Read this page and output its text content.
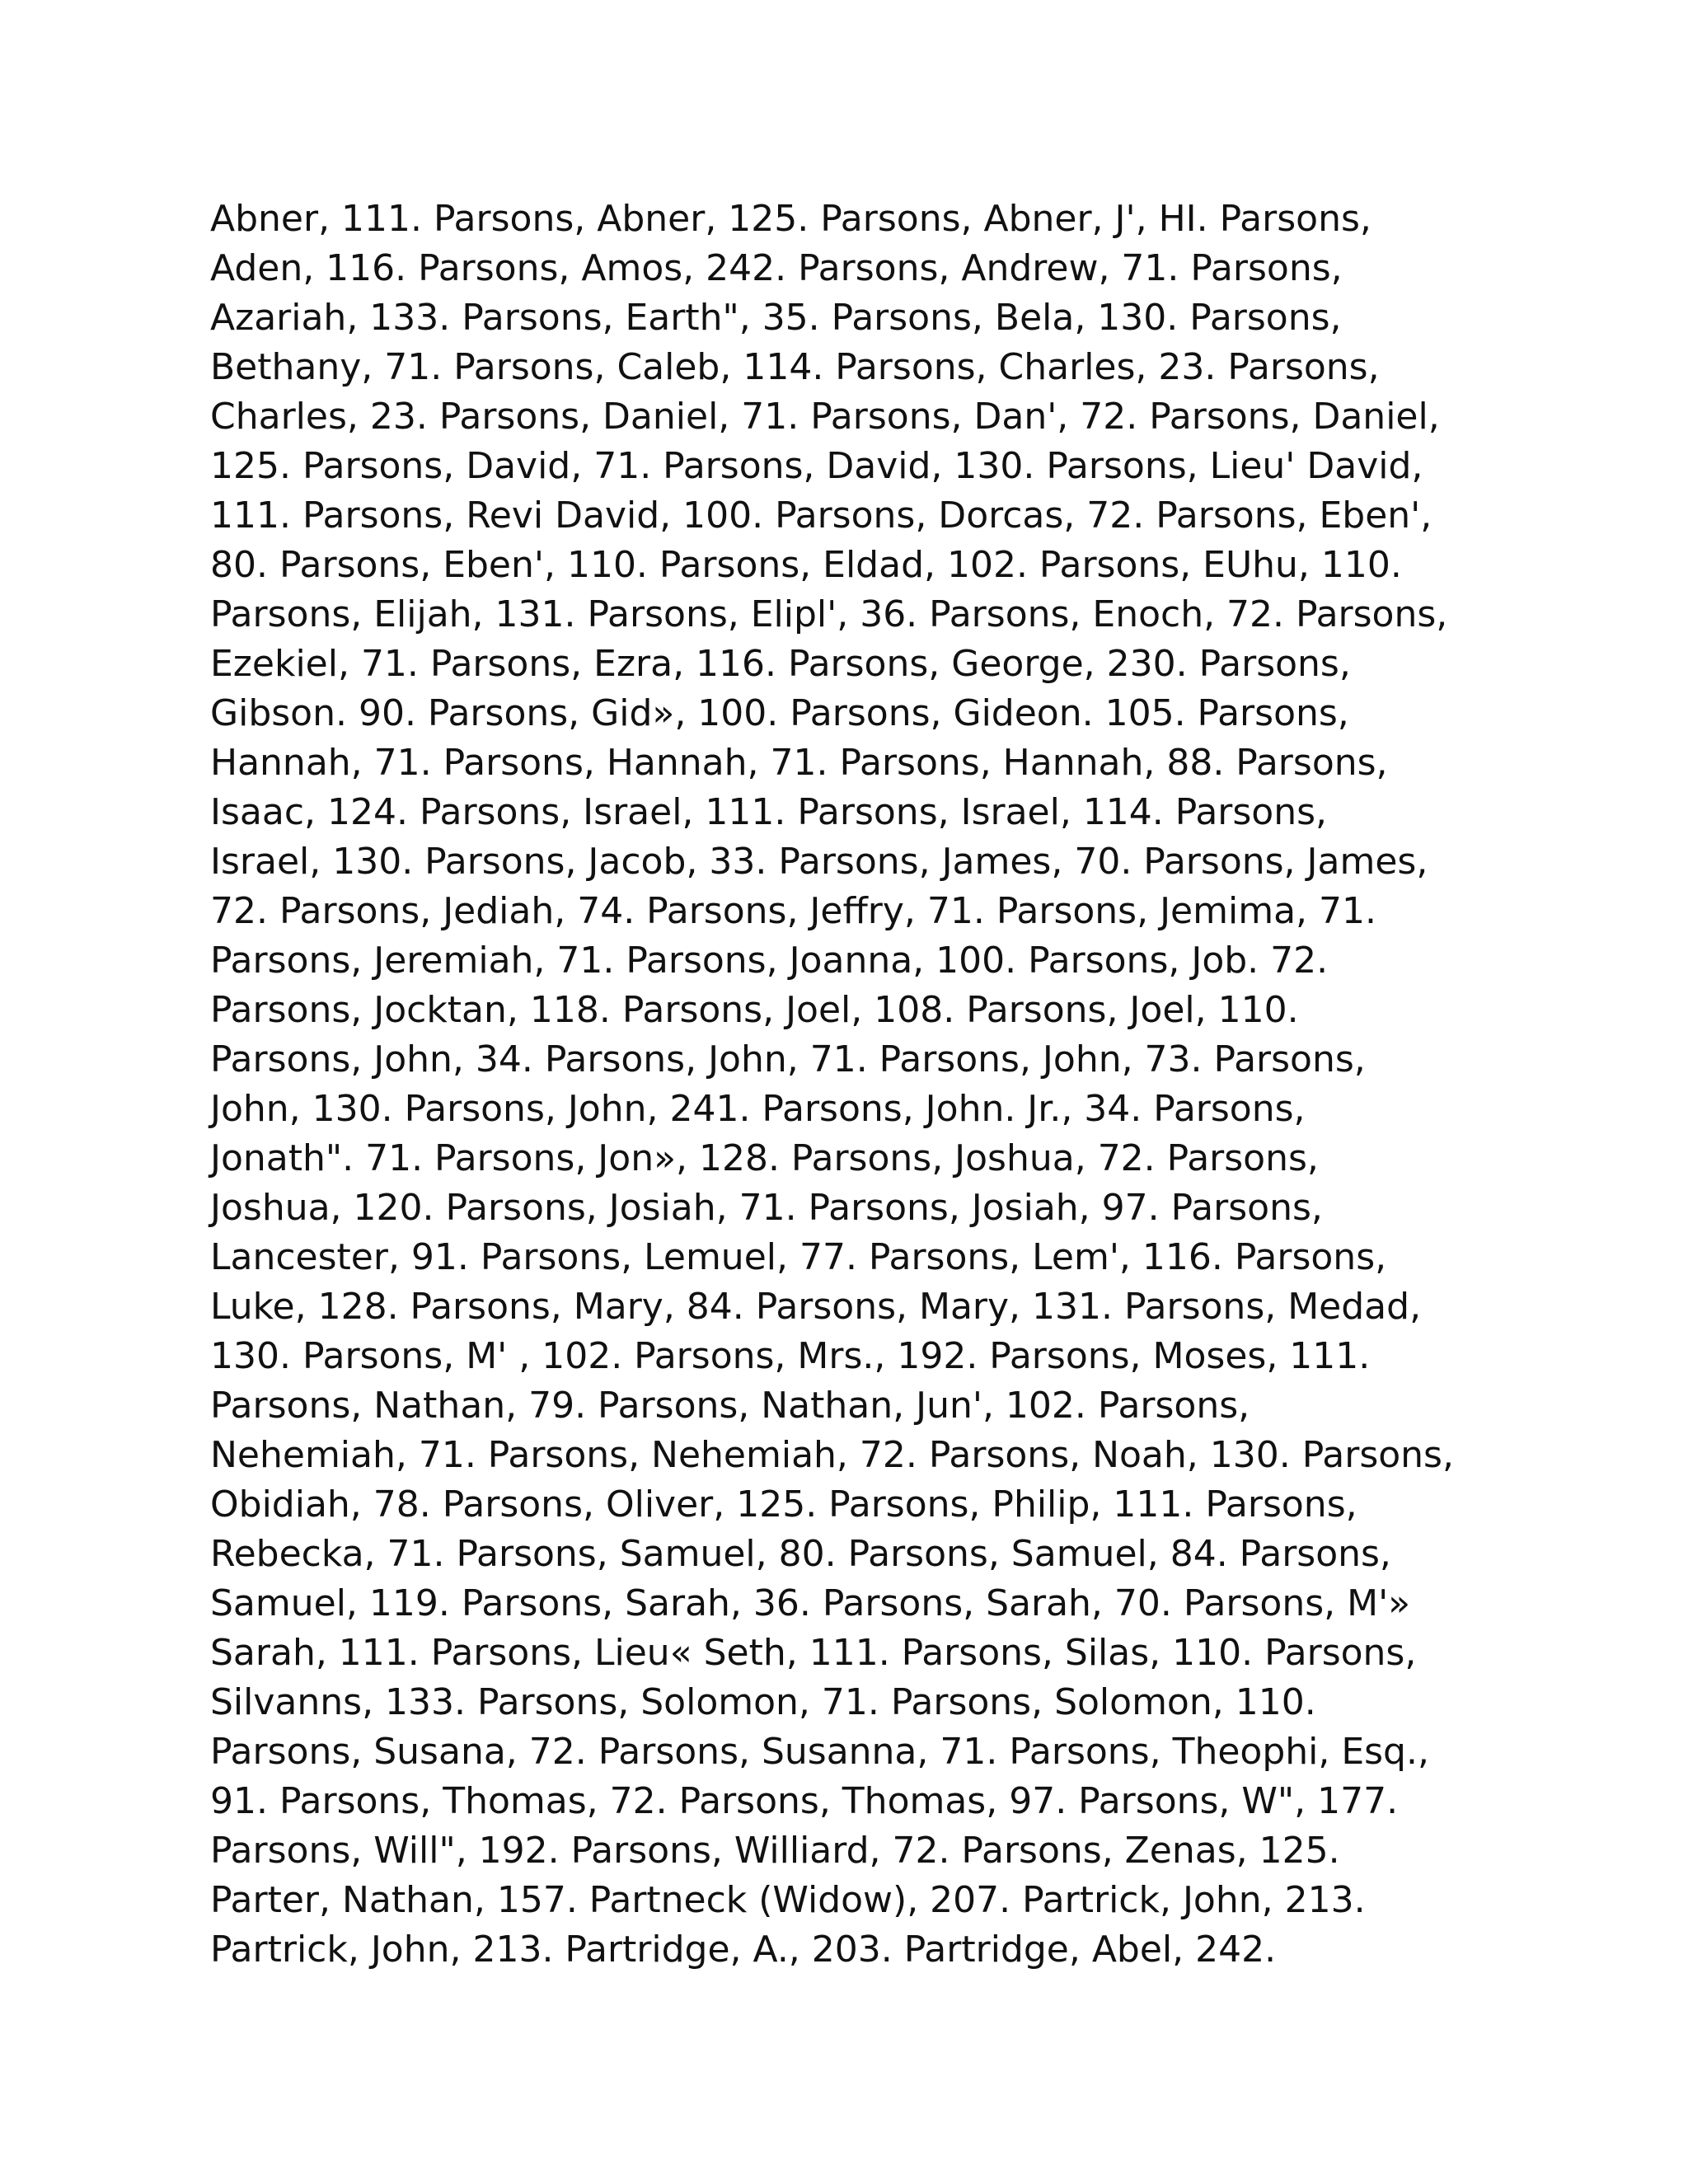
Abner, 111. Parsons, Abner, 125. Parsons, Abner, J', HI. Parsons,
Aden, 116. Parsons, Amos, 242. Parsons, Andrew, 71. Parsons,
Azariah, 133. Parsons, Earth", 35. Parsons, Bela, 130. Parsons,
Bethany, 71. Parsons, Caleb, 114. Parsons, Charles, 23. Parsons,
Charles, 23. Parsons, Daniel, 71. Parsons, Dan', 72. Parsons, Daniel,
125. Parsons, David, 71. Parsons, David, 130. Parsons, Lieu' David,
111. Parsons, Revi David, 100. Parsons, Dorcas, 72. Parsons, Eben',
80. Parsons, Eben', 110. Parsons, Eldad, 102. Parsons, EUhu, 110.
Parsons, Elijah, 131. Parsons, Elipl', 36. Parsons, Enoch, 72. Parsons,
Ezekiel, 71. Parsons, Ezra, 116. Parsons, George, 230. Parsons,
Gibson. 90. Parsons, Gid», 100. Parsons, Gideon. 105. Parsons,
Hannah, 71. Parsons, Hannah, 71. Parsons, Hannah, 88. Parsons,
Isaac, 124. Parsons, Israel, 111. Parsons, Israel, 114. Parsons,
Israel, 130. Parsons, Jacob, 33. Parsons, James, 70. Parsons, James,
72. Parsons, Jediah, 74. Parsons, Jeffry, 71. Parsons, Jemima, 71.
Parsons, Jeremiah, 71. Parsons, Joanna, 100. Parsons, Job. 72.
Parsons, Jocktan, 118. Parsons, Joel, 108. Parsons, Joel, 110.
Parsons, John, 34. Parsons, John, 71. Parsons, John, 73. Parsons,
John, 130. Parsons, John, 241. Parsons, John. Jr., 34. Parsons,
Jonath". 71. Parsons, Jon», 128. Parsons, Joshua, 72. Parsons,
Joshua, 120. Parsons, Josiah, 71. Parsons, Josiah, 97. Parsons,
Lancester, 91. Parsons, Lemuel, 77. Parsons, Lem', 116. Parsons,
Luke, 128. Parsons, Mary, 84. Parsons, Mary, 131. Parsons, Medad,
130. Parsons, M' , 102. Parsons, Mrs., 192. Parsons, Moses, 111.
Parsons, Nathan, 79. Parsons, Nathan, Jun', 102. Parsons,
Nehemiah, 71. Parsons, Nehemiah, 72. Parsons, Noah, 130. Parsons,
Obidiah, 78. Parsons, Oliver, 125. Parsons, Philip, 111. Parsons,
Rebecka, 71. Parsons, Samuel, 80. Parsons, Samuel, 84. Parsons,
Samuel, 119. Parsons, Sarah, 36. Parsons, Sarah, 70. Parsons, M'»
Sarah, 111. Parsons, Lieu« Seth, 111. Parsons, Silas, 110. Parsons,
Silvanns, 133. Parsons, Solomon, 71. Parsons, Solomon, 110.
Parsons, Susana, 72. Parsons, Susanna, 71. Parsons, Theophi, Esq.,
91. Parsons, Thomas, 72. Parsons, Thomas, 97. Parsons, W", 177.
Parsons, Will", 192. Parsons, Williard, 72. Parsons, Zenas, 125.
Parter, Nathan, 157. Partneck (Widow), 207. Partrick, John, 213.
Partrick, John, 213. Partridge, A., 203. Partridge, Abel, 242.
